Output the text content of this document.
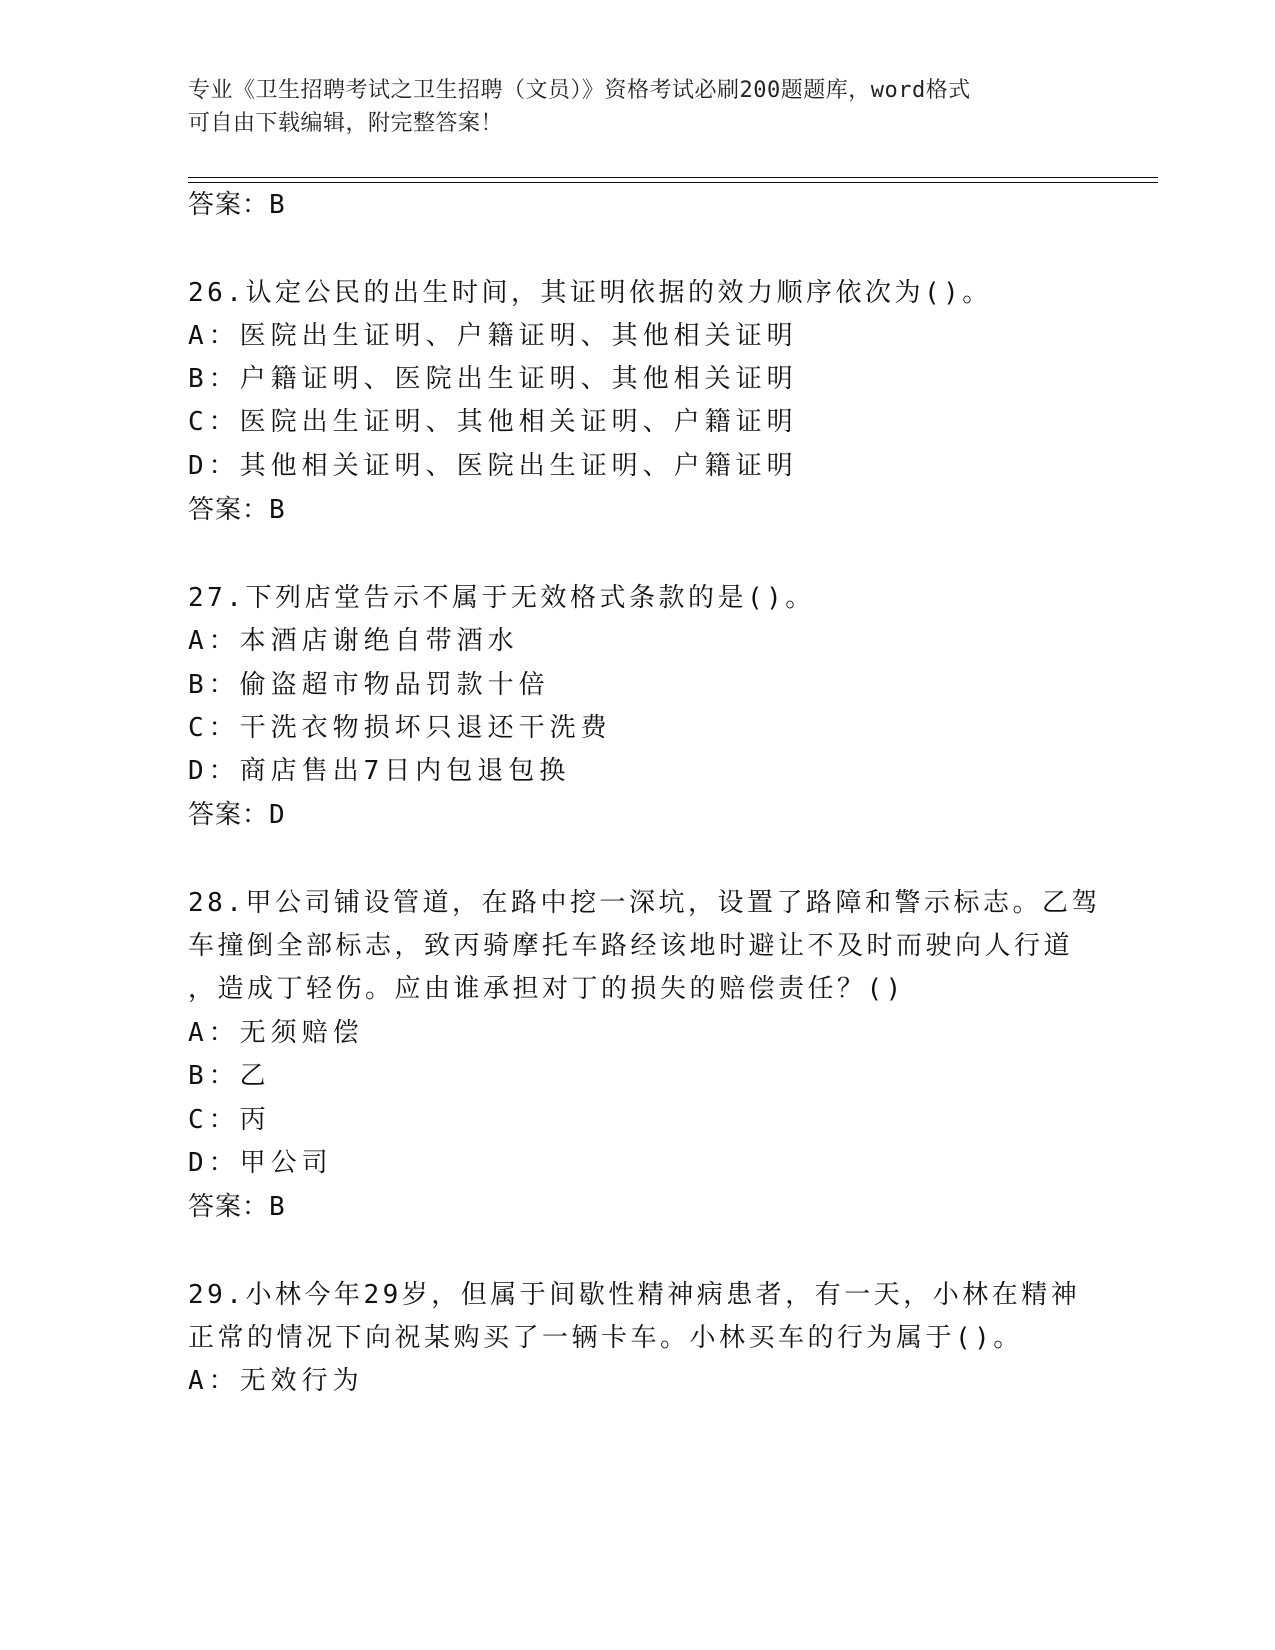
专业《卫生招聘考试之卫生招聘（文员）》资格考试必刷200题题库，word格式
可自由下载编辑，附完整答案！
答案：B
26.认定公民的出生时间，其证明依据的效力顺序依次为()。
A：医院出生证明、户籍证明、其他相关证明
B：户籍证明、医院出生证明、其他相关证明
C：医院出生证明、其他相关证明、户籍证明
D：其他相关证明、医院出生证明、户籍证明
答案：B
27.下列店堂告示不属于无效格式条款的是()。
A：本酒店谢绝自带酒水
B：偷盗超市物品罚款十倍
C：干洗衣物损坏只退还干洗费
D：商店售出7日内包退包换
答案：D
28.甲公司铺设管道，在路中挖一深坑，设置了路障和警示标志。乙驾
车撞倒全部标志，致丙骑摩托车路经该地时避让不及时而驶向人行道
，造成丁轻伤。应由谁承担对丁的损失的赔偿责任？()
A：无须赔偿
B：乙
C：丙
D：甲公司
答案：B
29.小林今年29岁，但属于间歇性精神病患者，有一天，小林在精神
正常的情况下向祝某购买了一辆卡车。小林买车的行为属于()。
A：无效行为
